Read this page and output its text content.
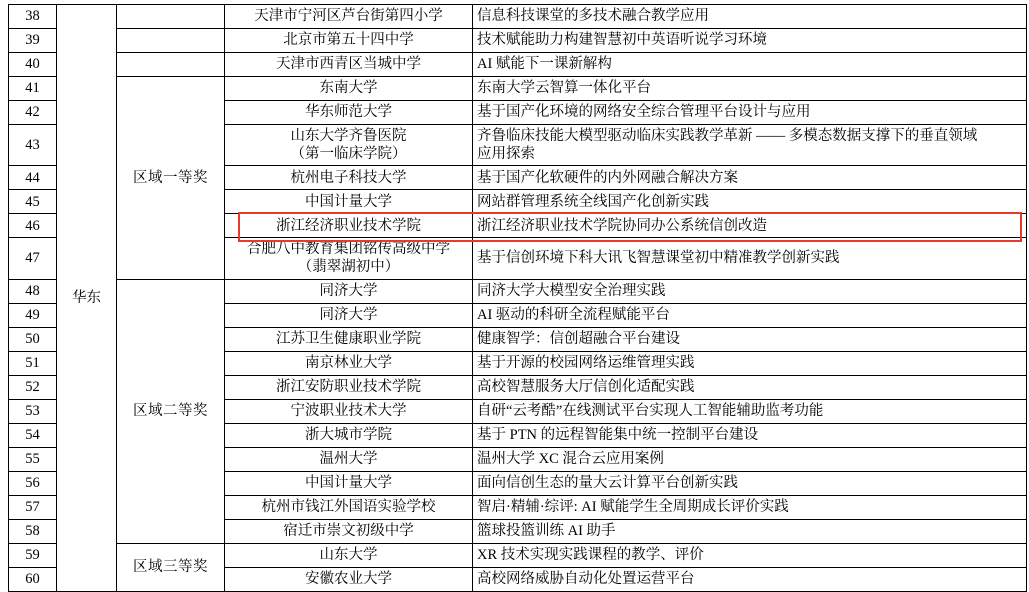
38	华东		天津市宁河区芦台街第四小学	信息科技课堂的多技术融合教学应用
39			北京市第五十四中学	技术赋能助力构建智慧初中英语听说学习环境
40			天津市西青区当城中学	AI 赋能下一课新解构
41		区域一等奖	东南大学	东南大学云智算一体化平台
42			华东师范大学	基于国产化环境的网络安全综合管理平台设计与应用
43			山东大学齐鲁医院
（第一临床学院）	齐鲁临床技能大模型驱动临床实践教学革新 —— 多模态数据支撑下的垂直领域
应用探索

44			杭州电子科技大学	基于国产化软硬件的内外网融合解决方案
45			中国计量大学	网站群管理系统全线国产化创新实践
46			浙江经济职业技术学院	浙江经济职业技术学院协同办公系统信创改造
47			合肥八中教育集团铭传高级中学
（翡翠湖初中）	基于信创环境下科大讯飞智慧课堂初中精准教学创新实践
48		区域二等奖	同济大学	同济大学大模型安全治理实践
49			同济大学	AI 驱动的科研全流程赋能平台
50			江苏卫生健康职业学院	健康智学：信创超融合平台建设
51			南京林业大学	基于开源的校园网络运维管理实践
52			浙江安防职业技术学院	高校智慧服务大厅信创化适配实践
53			宁波职业技术大学	自研“云考酷”在线测试平台实现人工智能辅助监考功能
54			浙大城市学院	基于 PTN 的远程智能集中统一控制平台建设
55			温州大学	温州大学 XC 混合云应用案例
56			中国计量大学	面向信创生态的量大云计算平台创新实践
57			杭州市钱江外国语实验学校	智启·精辅·综评: AI 赋能学生全周期成长评价实践
58			宿迁市崇文初级中学	篮球投篮训练 AI 助手
59		区域三等奖	山东大学	XR 技术实现实践课程的教学、评价
60			安徽农业大学	高校网络威胁自动化处置运营平台
